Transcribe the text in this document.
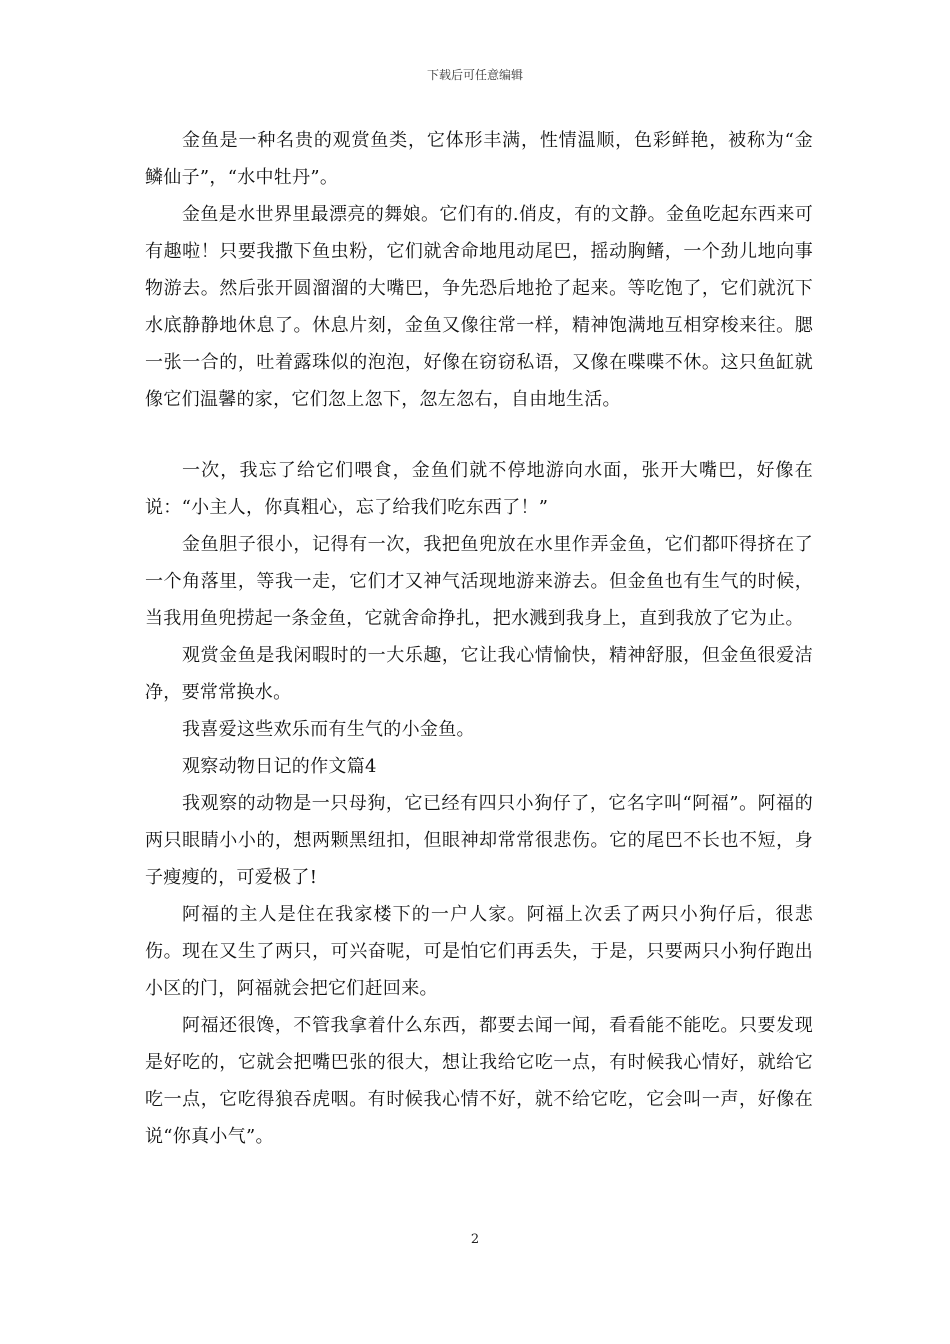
下载后可任意编辑

金鱼是一种名贵的观赏鱼类，它体形丰满，性情温顺，色彩鲜艳，被称为“金鳞仙子”，“水中牡丹”。

金鱼是水世界里最漂亮的舞娘。它们有的.俏皮，有的文静。金鱼吃起东西来可有趣啦！只要我撒下鱼虫粉，它们就舍命地甩动尾巴，摇动胸鳍，一个劲儿地向事物游去。然后张开圆溜溜的大嘴巴，争先恐后地抢了起来。等吃饱了，它们就沉下水底静静地休息了。休息片刻，金鱼又像往常一样，精神饱满地互相穿梭来往。腮一张一合的，吐着露珠似的泡泡，好像在窃窃私语，又像在喋喋不休。这只鱼缸就像它们温馨的家，它们忽上忽下，忽左忽右，自由地生活。

一次，我忘了给它们喂食，金鱼们就不停地游向水面，张开大嘴巴，好像在说：“小主人，你真粗心，忘了给我们吃东西了！”

金鱼胆子很小，记得有一次，我把鱼兜放在水里作弄金鱼，它们都吓得挤在了一个角落里，等我一走，它们才又神气活现地游来游去。但金鱼也有生气的时候，当我用鱼兜捞起一条金鱼，它就舍命挣扎，把水溅到我身上，直到我放了它为止。

观赏金鱼是我闲暇时的一大乐趣，它让我心情愉快，精神舒服，但金鱼很爱洁净，要常常换水。

我喜爱这些欢乐而有生气的小金鱼。

观察动物日记的作文篇4

我观察的动物是一只母狗，它已经有四只小狗仔了，它名字叫“阿福”。阿福的两只眼睛小小的，想两颗黑纽扣，但眼神却常常很悲伤。它的尾巴不长也不短，身子瘦瘦的，可爱极了!

阿福的主人是住在我家楼下的一户人家。阿福上次丢了两只小狗仔后，很悲伤。现在又生了两只，可兴奋呢，可是怕它们再丢失，于是，只要两只小狗仔跑出小区的门，阿福就会把它们赶回来。

阿福还很馋，不管我拿着什么东西，都要去闻一闻，看看能不能吃。只要发现是好吃的，它就会把嘴巴张的很大，想让我给它吃一点，有时候我心情好，就给它吃一点，它吃得狼吞虎咽。有时候我心情不好，就不给它吃，它会叫一声，好像在说“你真小气”。

2
